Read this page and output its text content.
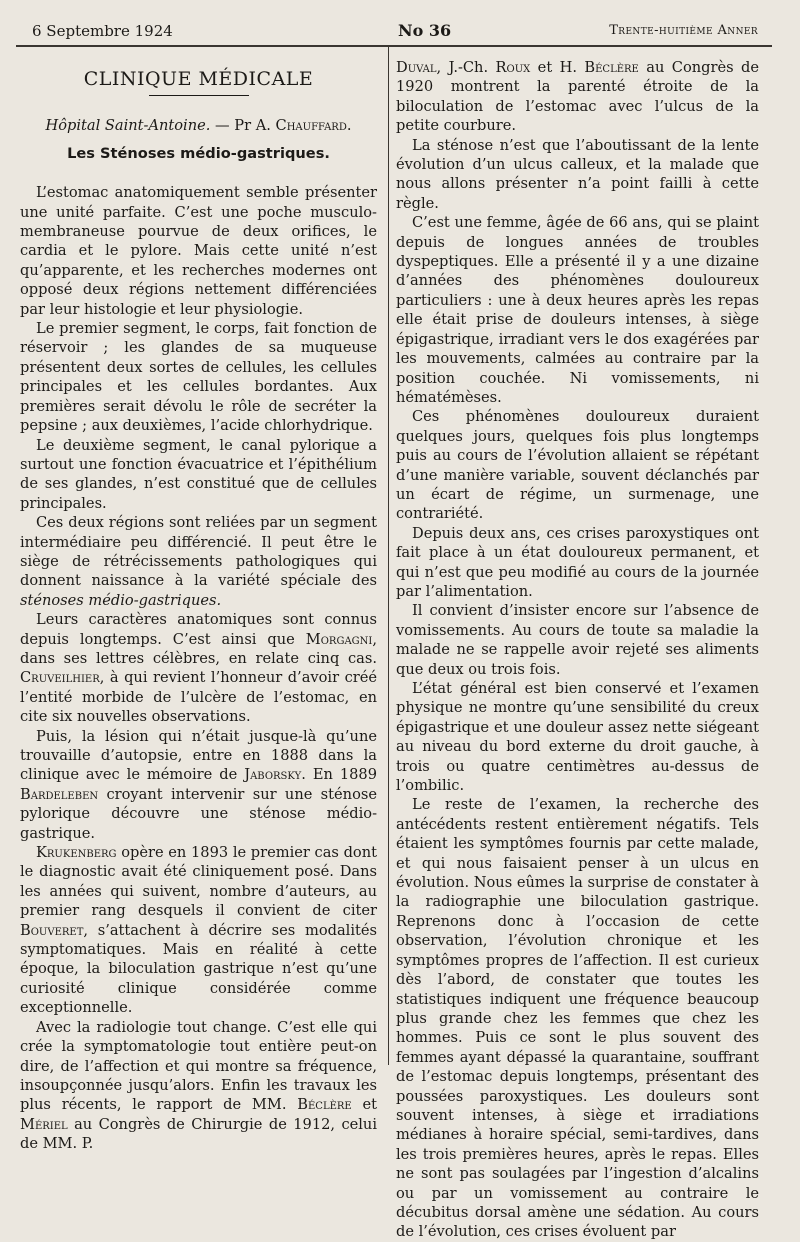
6 Septembre 1924	No 36	Trente-huitième Anner
CLINIQUE MÉDICALE
Hôpital Saint-Antoine. — Pr A. Chauffard.
Les Sténoses médio-gastriques.

L’estomac anatomiquement semble présenter une unité parfaite. C’est une poche musculo-membraneuse pourvue de deux orifices, le cardia et le pylore. Mais cette unité n’est qu’apparente, et les recherches modernes ont opposé deux régions nettement différenciées par leur histologie et leur physiologie.

Le premier segment, le corps, fait fonction de réservoir ; les glandes de sa muqueuse présentent deux sortes de cellules, les cellules principales et les cellules bordantes. Aux premières serait dévolu le rôle de secréter la pepsine ; aux deuxièmes, l’acide chlorhydrique.

Le deuxième segment, le canal pylorique a surtout une fonction évacuatrice et l’épithélium de ses glandes, n’est constitué que de cellules principales.

Ces deux régions sont reliées par un segment intermédiaire peu différencié. Il peut être le siège de rétrécissements pathologiques qui donnent naissance à la variété spéciale des sténoses médio-gastriques.

Leurs caractères anatomiques sont connus depuis longtemps. C’est ainsi que Morgagni, dans ses lettres célèbres, en relate cinq cas. Cruveilhier, à qui revient l’honneur d’avoir créé l’entité morbide de l’ulcère de l’estomac, en cite six nouvelles observations.

Puis, la lésion qui n’était jusque-là qu’une trouvaille d’autopsie, entre en 1888 dans la clinique avec le mémoire de Jaborsky. En 1889 Bardeleben croyant intervenir sur une sténose pylorique découvre une sténose médio-gastrique.

Krukenberg opère en 1893 le premier cas dont le diagnostic avait été cliniquement posé. Dans les années qui suivent, nombre d’auteurs, au premier rang desquels il convient de citer Bouveret, s’attachent à décrire ses modalités symptomatiques. Mais en réalité à cette époque, la biloculation gastrique n’est qu’une curiosité clinique considérée comme exceptionnelle.

Avec la radiologie tout change. C’est elle qui crée la symptomatologie tout entière peut-on dire, de l’affection et qui montre sa fréquence, insoupçonnée jusqu’alors. Enfin les travaux les plus récents, le rapport de MM. Béclère et Mériel au Congrès de Chirurgie de 1912, celui de MM. P.

Duval, J.-Ch. Roux et H. Béclère au Congrès de 1920 montrent la parenté étroite de la biloculation de l’estomac avec l’ulcus de la petite courbure.

La sténose n’est que l’aboutissant de la lente évolution d’un ulcus calleux, et la malade que nous allons présenter n’a point failli à cette règle.

C’est une femme, âgée de 66 ans, qui se plaint depuis de longues années de troubles dyspeptiques. Elle a présenté il y a une dizaine d’années des phénomènes douloureux particuliers : une à deux heures après les repas elle était prise de douleurs intenses, à siège épigastrique, irradiant vers le dos exagérées par les mouvements, calmées au contraire par la position couchée. Ni vomissements, ni hématémèses.

Ces phénomènes douloureux duraient quelques jours, quelques fois plus longtemps puis au cours de l’évolution allaient se répétant d’une manière variable, souvent déclanchés par un écart de régime, un surmenage, une contrariété.

Depuis deux ans, ces crises paroxystiques ont fait place à un état douloureux permanent, et qui n’est que peu modifié au cours de la journée par l’alimentation.

Il convient d’insister encore sur l’absence de vomissements. Au cours de toute sa maladie la malade ne se rappelle avoir rejeté ses aliments que deux ou trois fois.

L’état général est bien conservé et l’examen physique ne montre qu’une sensibilité du creux épigastrique et une douleur assez nette siégeant au niveau du bord externe du droit gauche, à trois ou quatre centimètres au-dessus de l’ombilic.

Le reste de l’examen, la recherche des antécédents restent entièrement négatifs. Tels étaient les symptômes fournis par cette malade, et qui nous faisaient penser à un ulcus en évolution. Nous eûmes la surprise de constater à la radiographie une biloculation gastrique. Reprenons donc à l’occasion de cette observation, l’évolution chronique et les symptômes propres de l’affection. Il est curieux dès l’abord, de constater que toutes les statistiques indiquent une fréquence beaucoup plus grande chez les femmes que chez les hommes. Puis ce sont le plus souvent des femmes ayant dépassé la quarantaine, souffrant de l’estomac depuis longtemps, présentant des poussées paroxystiques. Les douleurs sont souvent intenses, à siège et irradiations médianes à horaire spécial, semi-tardives, dans les trois premières heures, après le repas. Elles ne sont pas soulagées par l’ingestion d’alcalins ou par un vomissement au contraire le décubitus dorsal amène une sédation. Au cours de l’évolution, ces crises évoluent par
